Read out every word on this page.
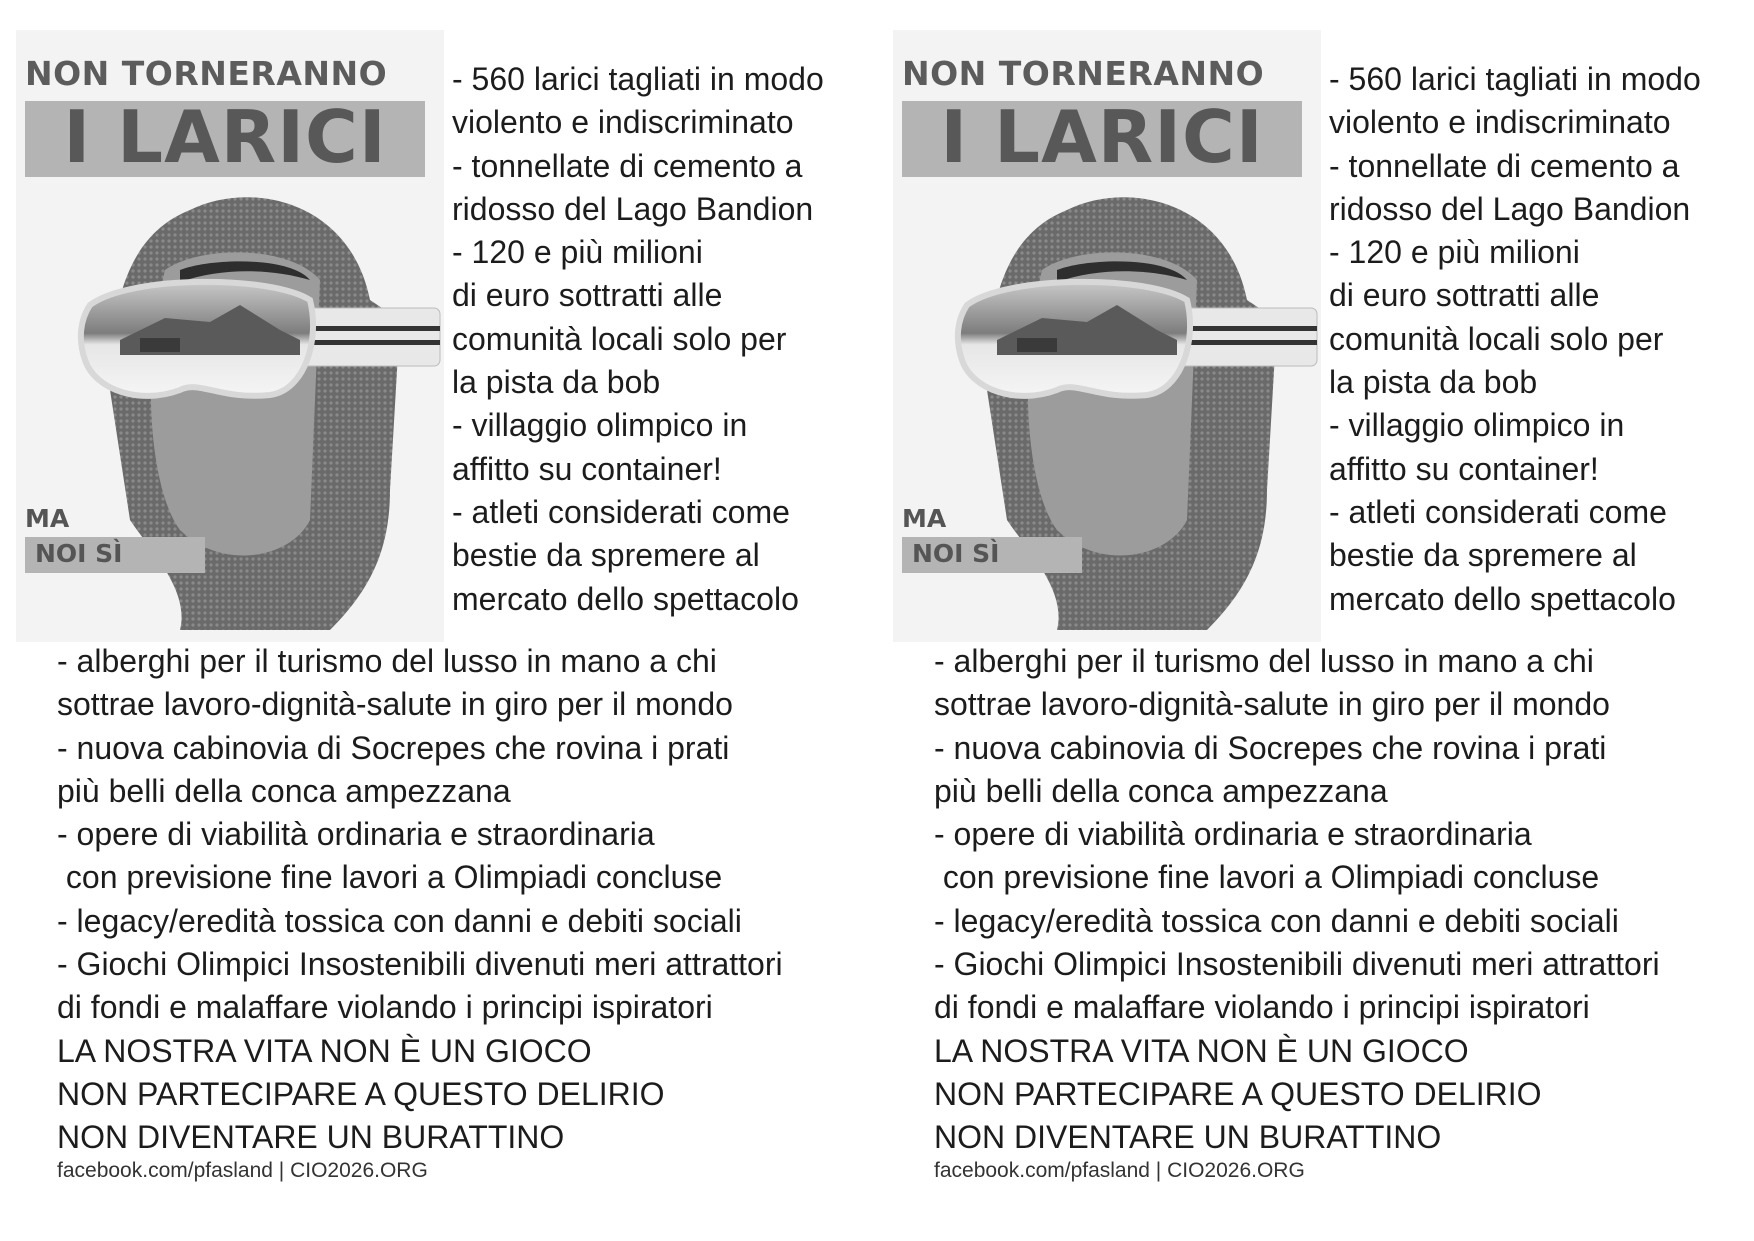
NON TORNERANNO
I LARICI
MA
NOI SÌ
- 560 larici tagliati in modo
violento e indiscriminato
- tonnellate di cemento a
ridosso del Lago Bandion
- 120 e più milioni
di euro sottratti alle
comunità locali solo per
la pista da bob
- villaggio olimpico in
affitto su container!
- atleti considerati come
bestie da spremere al
mercato dello spettacolo
- alberghi per il turismo del lusso in mano a chi
sottrae lavoro-dignità-salute in giro per il mondo
- nuova cabinovia di Socrepes che rovina i prati
più belli della conca ampezzana
- opere di viabilità ordinaria e straordinaria
con previsione fine lavori a Olimpiadi concluse
- legacy/eredità tossica con danni e debiti sociali
- Giochi Olimpici Insostenibili divenuti meri attrattori
di fondi e malaffare violando i principi ispiratori
LA NOSTRA VITA NON È UN GIOCO
NON PARTECIPARE A QUESTO DELIRIO
NON DIVENTARE UN BURATTINO
facebook.com/pfasland | CIO2026.ORG
NON TORNERANNO
I LARICI
MA
NOI SÌ
- 560 larici tagliati in modo
violento e indiscriminato
- tonnellate di cemento a
ridosso del Lago Bandion
- 120 e più milioni
di euro sottratti alle
comunità locali solo per
la pista da bob
- villaggio olimpico in
affitto su container!
- atleti considerati come
bestie da spremere al
mercato dello spettacolo
- alberghi per il turismo del lusso in mano a chi
sottrae lavoro-dignità-salute in giro per il mondo
- nuova cabinovia di Socrepes che rovina i prati
più belli della conca ampezzana
- opere di viabilità ordinaria e straordinaria
con previsione fine lavori a Olimpiadi concluse
- legacy/eredità tossica con danni e debiti sociali
- Giochi Olimpici Insostenibili divenuti meri attrattori
di fondi e malaffare violando i principi ispiratori
LA NOSTRA VITA NON È UN GIOCO
NON PARTECIPARE A QUESTO DELIRIO
NON DIVENTARE UN BURATTINO
facebook.com/pfasland | CIO2026.ORG
